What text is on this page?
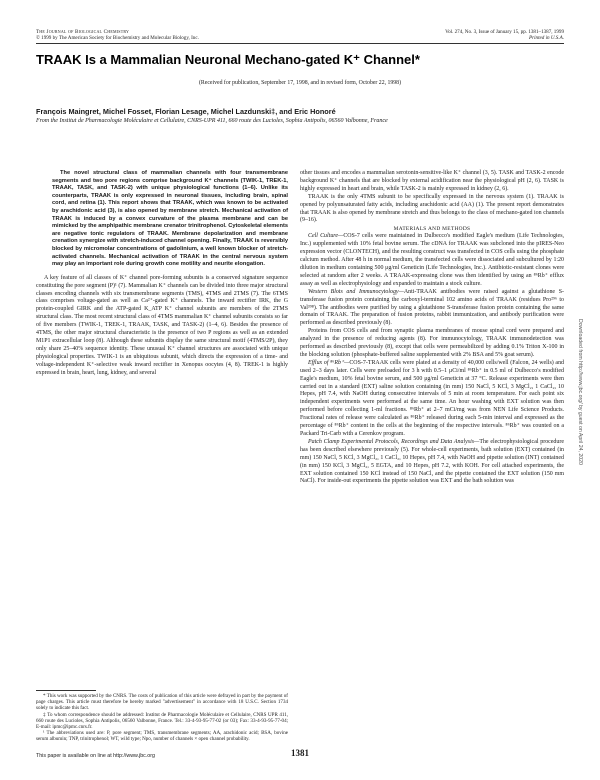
The Journal of Biological Chemistry
© 1999 by The American Society for Biochemistry and Molecular Biology, Inc.
Vol. 274, No. 3, Issue of January 15, pp. 1381–1387, 1999
Printed in U.S.A.
TRAAK Is a Mammalian Neuronal Mechano-gated K⁺ Channel*
(Received for publication, September 17, 1998, and in revised form, October 22, 1998)
François Maingret, Michel Fosset, Florian Lesage, Michel Lazdunski‡, and Eric Honoré
From the Institut de Pharmacologie Moléculaire et Cellulaire, CNRS-UPR 411, 660 route des Lucioles, Sophia Antipolis, 06560 Valbonne, France

The novel structural class of mammalian channels with four transmembrane segments and two pore regions comprise background K⁺ channels (TWIK-1, TREK-1, TRAAK, TASK, and TASK-2) with unique physiological functions (1–6). Unlike its counterparts, TRAAK is only expressed in neuronal tissues, including brain, spinal cord, and retina (1). This report shows that TRAAK, which was known to be activated by arachidonic acid (3), is also opened by membrane stretch. Mechanical activation of TRAAK is induced by a convex curvature of the plasma membrane and can be mimicked by the amphipathic membrane crenator trinitrophenol. Cytoskeletal elements are negative tonic regulators of TRAAK. Membrane depolarization and membrane crenation synergize with stretch-induced channel opening. Finally, TRAAK is reversibly blocked by micromolar concentrations of gadolinium, a well known blocker of stretch-activated channels. Mechanical activation of TRAAK in the central nervous system may play an important role during growth cone motility and neurite elongation.

A key feature of all classes of K⁺ channel pore-forming subunits is a conserved signature sequence constituting the pore segment (P)¹ (7). Mammalian K⁺ channels can be divided into three major structural classes encoding channels with six transmembrane segments (TMS), 4TMS and 2TMS (7). The 6TMS class comprises voltage-gated as well as Ca²⁺-gated K⁺ channels. The inward rectifier IRK, the G protein-coupled GIRK and the ATP-gated K_ATP K⁺ channel subunits are members of the 2TMS structural class. The most recent structural class of 4TMS mammalian K⁺ channel subunits consists so far of five members (TWIK-1, TREK-1, TRAAK, TASK, and TASK-2) (1–4, 6). Besides the presence of 4TMS, the other major structural characteristic is the presence of two P regions as well as an extended M1P1 extracellular loop (8). Although these subunits display the same structural motif (4TMS/2P), they only share 25–40% sequence identity. These unusual K⁺ channel structures are associated with unique physiological properties. TWIK-1 is an ubiquitous subunit, which directs the expression of a time- and voltage-independent K⁺-selective weak inward rectifier in Xenopus oocytes (4, 8). TREK-1 is highly expressed in brain, heart, lung, kidney, and several

other tissues and encodes a mammalian serotonin-sensitive-like K⁺ channel (3, 5). TASK and TASK-2 encode background K⁺ channels that are blocked by external acidification near the physiological pH (2, 6). TASK is highly expressed in heart and brain, while TASK-2 is mainly expressed in kidney (2, 6).

TRAAK is the only 4TMS subunit to be specifically expressed in the nervous system (1). TRAAK is opened by polyunsaturated fatty acids, including arachidonic acid (AA) (1). The present report demonstrates that TRAAK is also opened by membrane stretch and thus belongs to the class of mechano-gated ion channels (9–16).

MATERIALS AND METHODS

Cell Culture—COS-7 cells were maintained in Dulbecco's modified Eagle's medium (Life Technologies, Inc.) supplemented with 10% fetal bovine serum. The cDNA for TRAAK was subcloned into the pIRES-Neo expression vector (CLONTECH), and the resulting construct was transfected in COS cells using the phosphate calcium method. After 48 h in normal medium, the transfected cells were dissociated and subcultured by 1:20 dilution in medium containing 500 μg/ml Geneticin (Life Technologies, Inc.). Antibiotic-resistant clones were selected at random after 2 weeks. A TRAAK-expressing clone was then identified by using an ⁸⁶Rb⁺ efflux assay as well as electrophysiology and expanded to maintain a stock culture.

Western Blots and Immunocytology—Anti-TRAAK antibodies were raised against a glutathione S-transferase fusion protein containing the carboxyl-terminal 102 amino acids of TRAAK (residues Pro²⁹⁶ to Val³⁹⁸). The antibodies were purified by using a glutathione S-transferase fusion protein containing the same domain of TRAAK. The preparation of fusion proteins, rabbit immunization, and antibody purification were performed as described previously (8).

Proteins from COS cells and from synaptic plasma membranes of mouse spinal cord were prepared and analyzed in the presence of reducing agents (8). For immunocytology, TRAAK immunodetection was performed as described previously (8), except that cells were permeabilized by adding 0.1% Triton X-100 in the blocking solution (phosphate-buffered saline supplemented with 2% BSA and 5% goat serum).

Efflux of ⁸⁶Rb⁺—COS-7-TRAAK cells were plated at a density of 40,000 cells/well (Falcon, 24 wells) and used 2–3 days later. Cells were preloaded for 3 h with 0.5–1 μCi/ml ⁸⁶Rb⁺ in 0.5 ml of Dulbecco's modified Eagle's medium, 10% fetal bovine serum, and 500 μg/ml Geneticin at 37 °C. Release experiments were then carried out in a standard (EXT) saline solution containing (in mm) 150 NaCl, 5 KCl, 3 MgCl₂, 1 CaCl₂, 10 Hepes, pH 7.4, with NaOH during consecutive intervals of 5 min at room temperature. For each point six independent experiments were performed at the same time. An hour washing with EXT solution was then performed before collecting 1-ml fractions. ⁸⁶Rb⁺ at 2–7 mCi/mg was from NEN Life Science Products. Fractional rates of release were calculated as ⁸⁶Rb⁺ released during each 5-min interval and expressed as the percentage of ⁸⁶Rb⁺ content in the cells at the beginning of the respective intervals. ⁸⁶Rb⁺ was counted on a Packard Tri-Carb with a Cerenkov program.

Patch Clamp Experimental Protocols, Recordings and Data Analysis—The electrophysiological procedure has been described elsewhere previously (5). For whole-cell experiments, bath solution (EXT) contained (in mm) 150 NaCl, 5 KCl, 3 MgCl₂, 1 CaCl₂, 10 Hepes, pH 7.4, with NaOH and pipette solution (INT) contained (in mm) 150 KCl, 3 MgCl₂, 5 EGTA, and 10 Hepes, pH 7.2, with KOH. For cell attached experiments, the EXT solution contained 150 KCl instead of 150 NaCl, and the pipette contained the EXT solution (150 mm NaCl). For inside-out experiments the pipette solution was EXT and the bath solution was

* This work was supported by the CNRS. The costs of publication of this article were defrayed in part by the payment of page charges. This article must therefore be hereby marked "advertisement" in accordance with 18 U.S.C. Section 1734 solely to indicate this fact.

‡ To whom correspondence should be addressed: Institut de Pharmacologie Moléculaire et Cellulaire, CNRS UPR 411, 660 route des Lucioles, Sophia Antipolis, 06560 Valbonne, France. Tel.: 33-4-93-95-77-02 (or 03); Fax: 33-4-93-95-77-04; E-mail: ipmc@ipmc.cnrs.fr.

¹ The abbreviations used are: P, pore segment; TMS, transmembrane segments; AA, arachidonic acid; BSA, bovine serum albumin; TNP, trinitrophenol; WT, wild type; Npo, number of channels × open channel probability.

This paper is available on line at http://www.jbc.org	1381
Downloaded from http://www.jbc.org/ by guest on April 24, 2020
